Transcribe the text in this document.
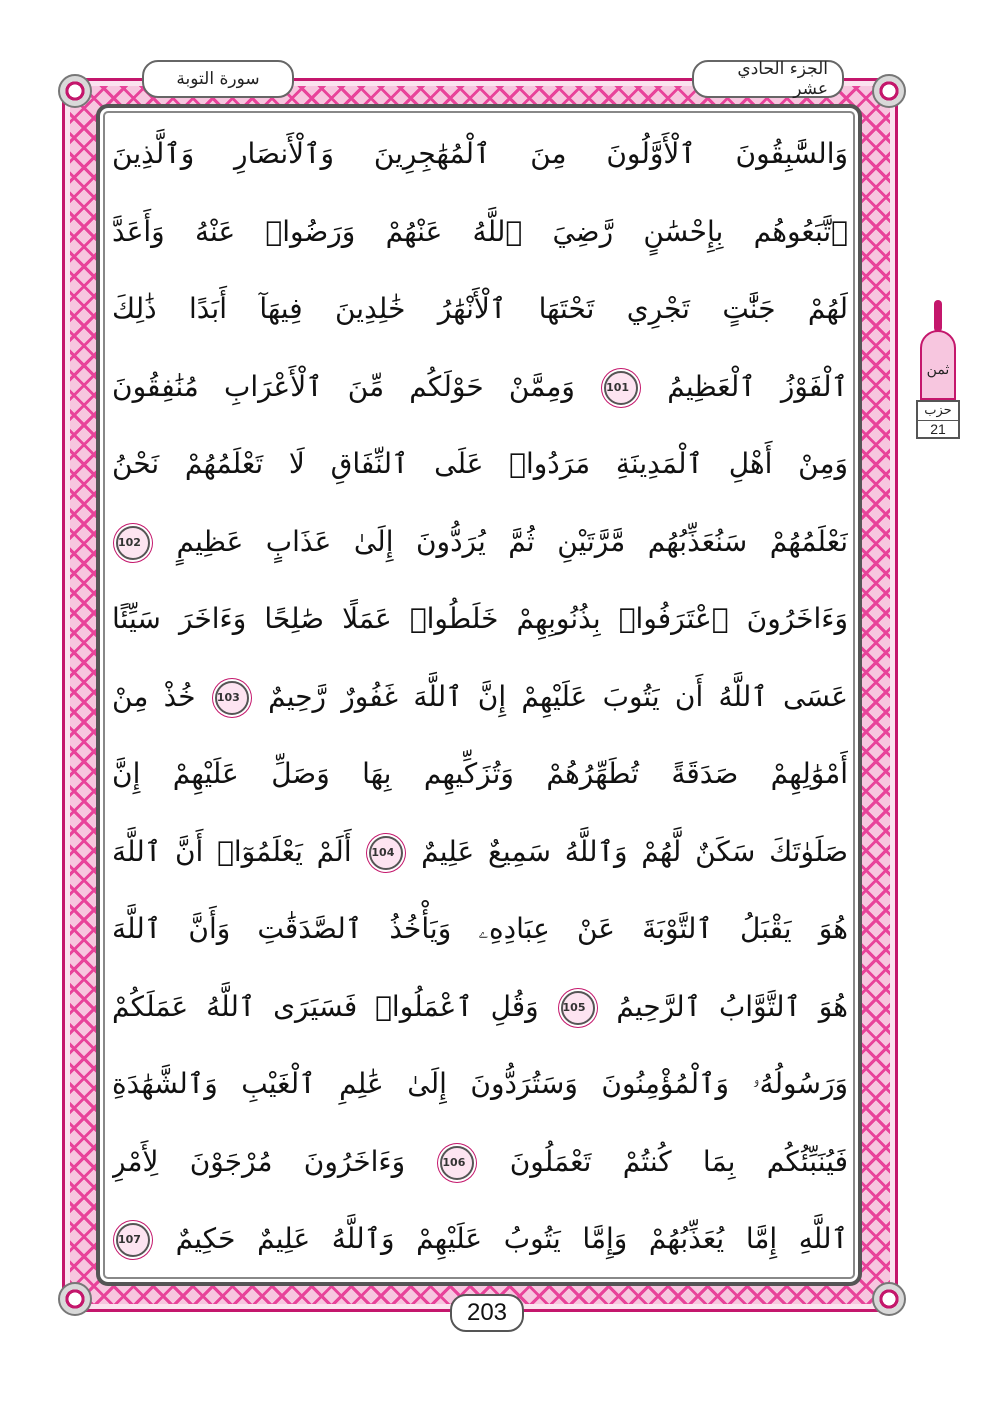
الجزء الحادي عشر
سورة التوبة
وَالسَّٰبِقُونَ ٱلْأَوَّلُونَ مِنَ ٱلْمُهَٰجِرِينَ وَٱلْأَنصَارِ وَٱلَّذِينَ
ٱتَّبَعُوهُم بِإِحْسَٰنٍ رَّضِيَ ٱللَّهُ عَنْهُمْ وَرَضُوا۟ عَنْهُ وَأَعَدَّ
لَهُمْ جَنَّٰتٍ تَجْرِي تَحْتَهَا ٱلْأَنْهَٰرُ خَٰلِدِينَ فِيهَآ أَبَدًا ذَٰلِكَ
ٱلْفَوْزُ ٱلْعَظِيمُ 101 وَمِمَّنْ حَوْلَكُم مِّنَ ٱلْأَعْرَابِ مُنَٰفِقُونَ
وَمِنْ أَهْلِ ٱلْمَدِينَةِ مَرَدُوا۟ عَلَى ٱلنِّفَاقِ لَا تَعْلَمُهُمْ نَحْنُ
نَعْلَمُهُمْ سَنُعَذِّبُهُم مَّرَّتَيْنِ ثُمَّ يُرَدُّونَ إِلَىٰ عَذَابٍ عَظِيمٍ 102
وَءَاخَرُونَ ٱعْتَرَفُوا۟ بِذُنُوبِهِمْ خَلَطُوا۟ عَمَلًا صَٰلِحًا وَءَاخَرَ سَيِّئًا
عَسَى ٱللَّهُ أَن يَتُوبَ عَلَيْهِمْ إِنَّ ٱللَّهَ غَفُورٌ رَّحِيمٌ 103 خُذْ مِنْ
أَمْوَٰلِهِمْ صَدَقَةً تُطَهِّرُهُمْ وَتُزَكِّيهِم بِهَا وَصَلِّ عَلَيْهِمْ إِنَّ
صَلَوٰتَكَ سَكَنٌ لَّهُمْ وَٱللَّهُ سَمِيعٌ عَلِيمٌ 104 أَلَمْ يَعْلَمُوٓا۟ أَنَّ ٱللَّهَ
هُوَ يَقْبَلُ ٱلتَّوْبَةَ عَنْ عِبَادِهِۦ وَيَأْخُذُ ٱلصَّدَقَٰتِ وَأَنَّ ٱللَّهَ
هُوَ ٱلتَّوَّابُ ٱلرَّحِيمُ 105 وَقُلِ ٱعْمَلُوا۟ فَسَيَرَى ٱللَّهُ عَمَلَكُمْ
وَرَسُولُهُۥ وَٱلْمُؤْمِنُونَ وَسَتُرَدُّونَ إِلَىٰ عَٰلِمِ ٱلْغَيْبِ وَٱلشَّهَٰدَةِ
فَيُنَبِّئُكُم بِمَا كُنتُمْ تَعْمَلُونَ 106 وَءَاخَرُونَ مُرْجَوْنَ لِأَمْرِ
ٱللَّهِ إِمَّا يُعَذِّبُهُمْ وَإِمَّا يَتُوبُ عَلَيْهِمْ وَٱللَّهُ عَلِيمٌ حَكِيمٌ 107
203
ثمن
حزب
21
